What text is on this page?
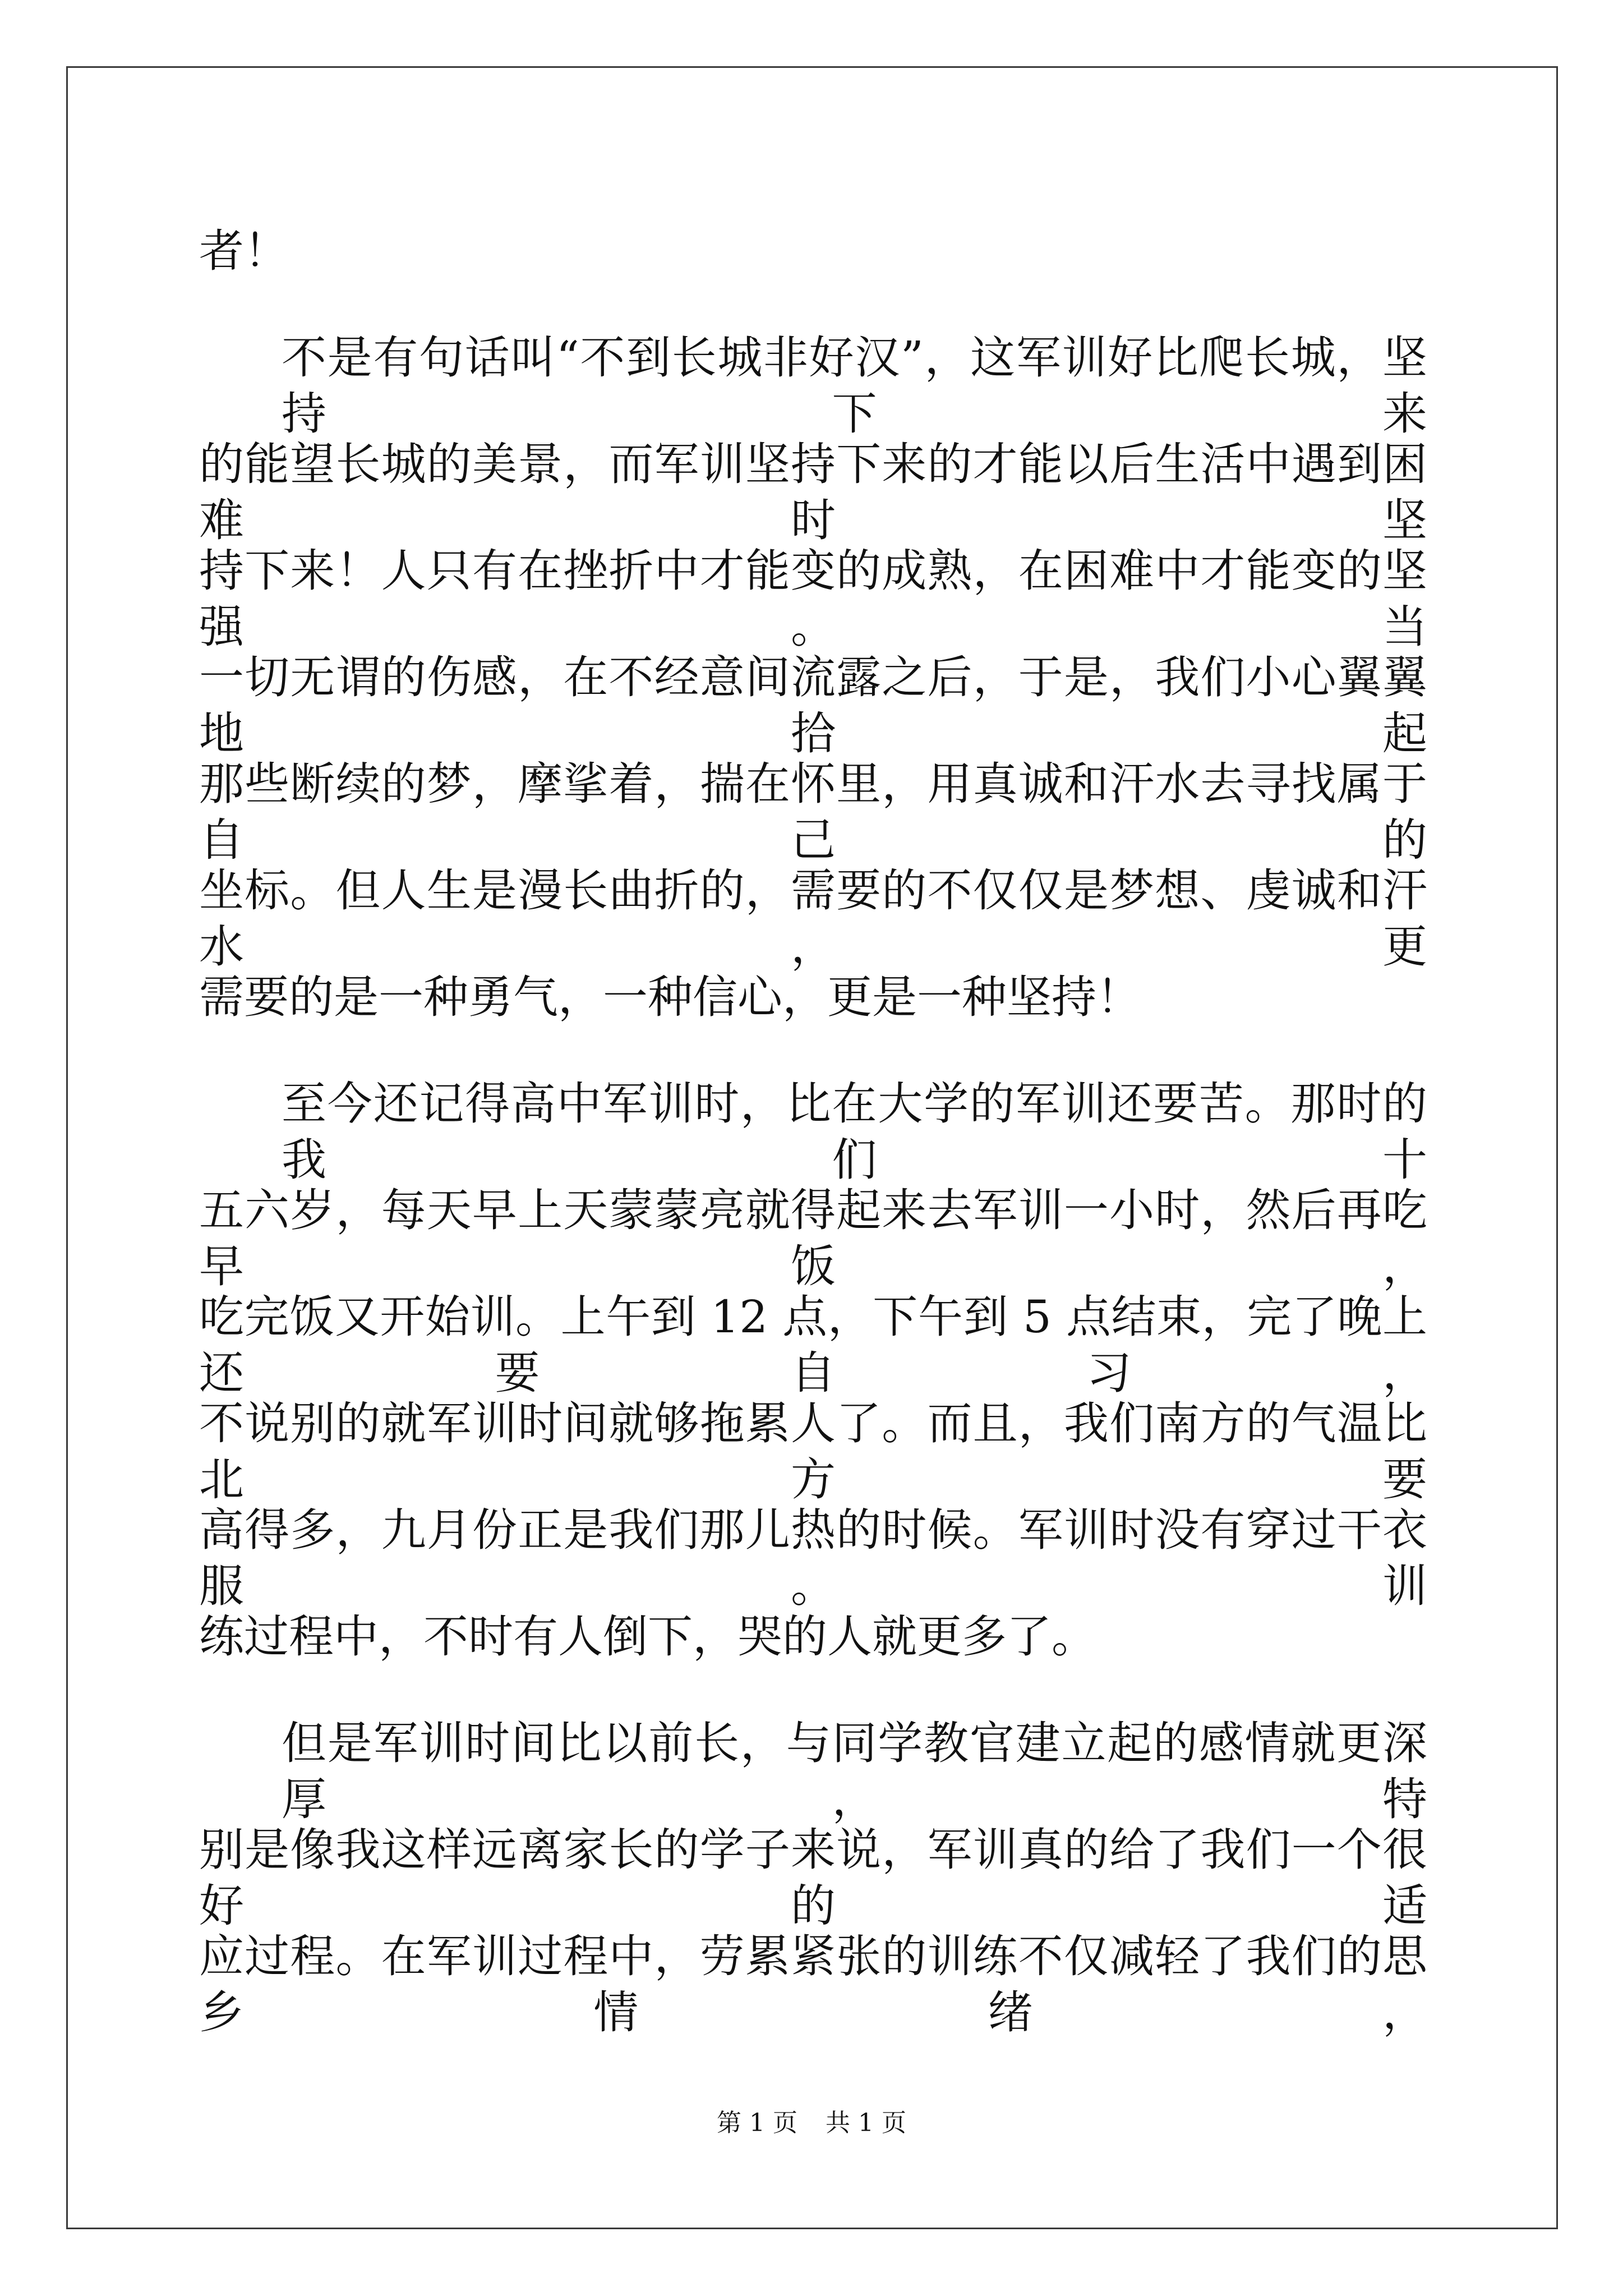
者！

不是有句话叫“不到长城非好汉”，这军训好比爬长城，坚持下来

的能望长城的美景，而军训坚持下来的才能以后生活中遇到困难时坚

持下来！人只有在挫折中才能变的成熟，在困难中才能变的坚强。当

一切无谓的伤感，在不经意间流露之后，于是，我们小心翼翼地拾起

那些断续的梦，摩挲着，揣在怀里，用真诚和汗水去寻找属于自己的

坐标。但人生是漫长曲折的，需要的不仅仅是梦想、虔诚和汗水，更

需要的是一种勇气，一种信心，更是一种坚持！

至今还记得高中军训时，比在大学的军训还要苦。那时的我们十

五六岁，每天早上天蒙蒙亮就得起来去军训一小时，然后再吃早饭，

吃完饭又开始训。上午到 12 点，下午到 5 点结束，完了晚上还要自习，

不说别的就军训时间就够拖累人了。而且，我们南方的气温比北方要

高得多，九月份正是我们那儿热的时候。军训时没有穿过干衣服。训

练过程中，不时有人倒下，哭的人就更多了。

但是军训时间比以前长，与同学教官建立起的感情就更深厚，特

别是像我这样远离家长的学子来说，军训真的给了我们一个很好的适

应过程。在军训过程中，劳累紧张的训练不仅减轻了我们的思乡情绪，

第 1 页 共 1 页
